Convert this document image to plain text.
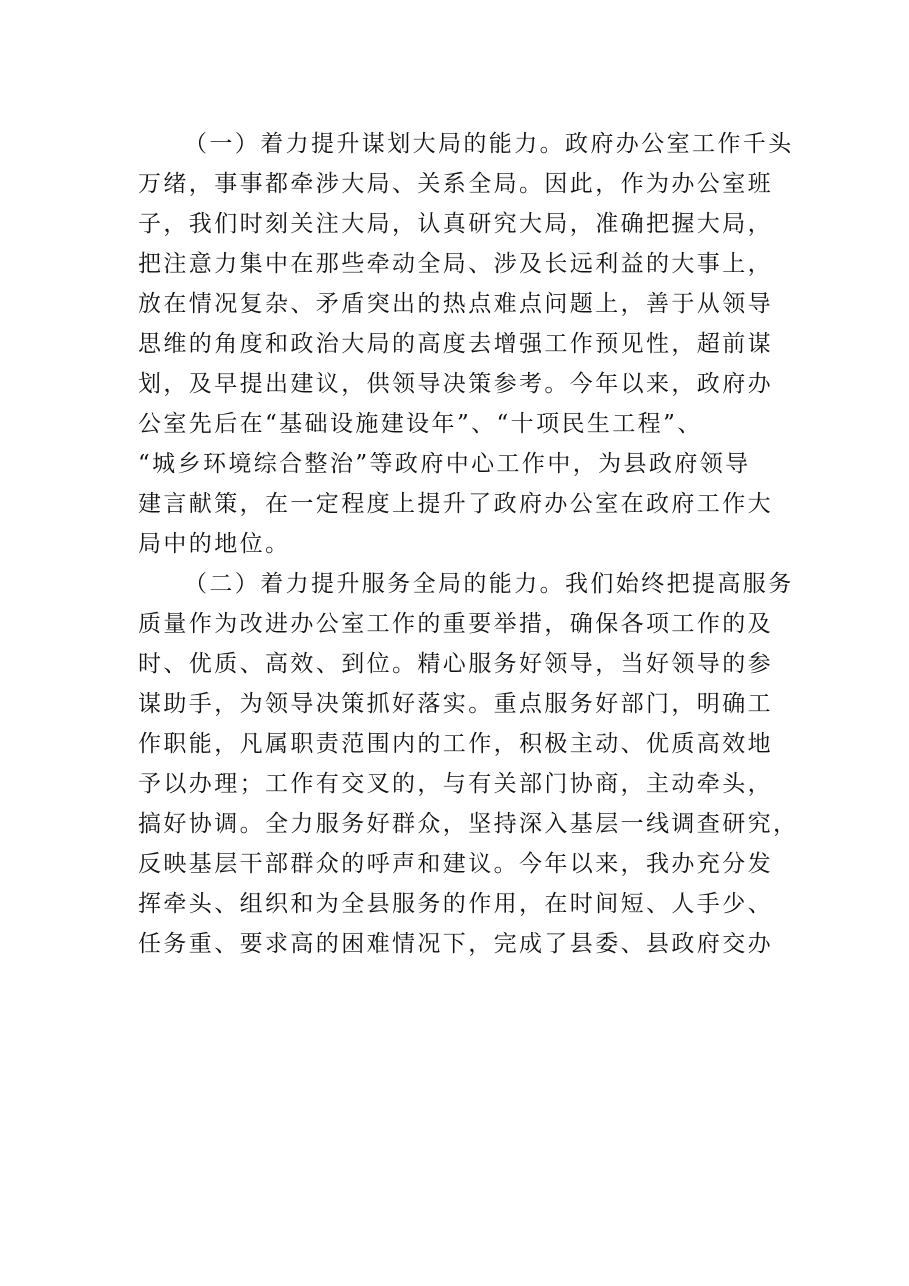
（一）着力提升谋划大局的能力。政府办公室工作千头
万绪，事事都牵涉大局、关系全局。因此，作为办公室班
子，我们时刻关注大局，认真研究大局，准确把握大局，
把注意力集中在那些牵动全局、涉及长远利益的大事上，
放在情况复杂、矛盾突出的热点难点问题上，善于从领导
思维的角度和政治大局的高度去增强工作预见性，超前谋
划，及早提出建议，供领导决策参考。今年以来，政府办
公室先后在“基础设施建设年”、“十项民生工程”、
“城乡环境综合整治”等政府中心工作中，为县政府领导
建言献策，在一定程度上提升了政府办公室在政府工作大
局中的地位。
（二）着力提升服务全局的能力。我们始终把提高服务
质量作为改进办公室工作的重要举措，确保各项工作的及
时、优质、高效、到位。精心服务好领导，当好领导的参
谋助手，为领导决策抓好落实。重点服务好部门，明确工
作职能，凡属职责范围内的工作，积极主动、优质高效地
予以办理；工作有交叉的，与有关部门协商，主动牵头，
搞好协调。全力服务好群众，坚持深入基层一线调查研究，
反映基层干部群众的呼声和建议。今年以来，我办充分发
挥牵头、组织和为全县服务的作用，在时间短、人手少、
任务重、要求高的困难情况下，完成了县委、县政府交办
